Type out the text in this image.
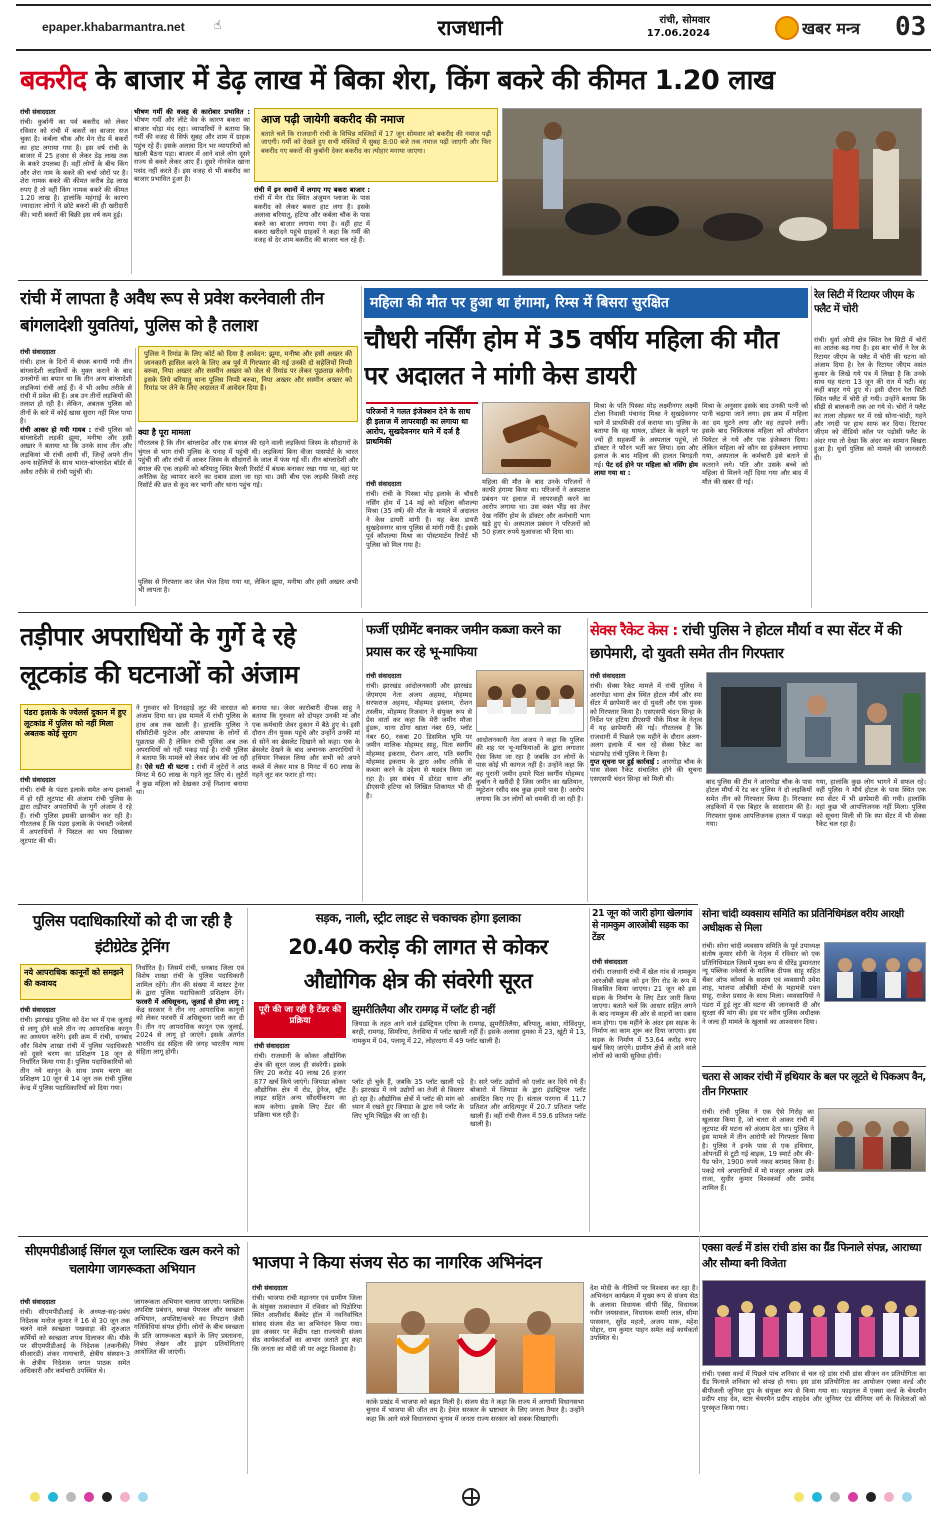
epaper.khabarmantra.net	☝	राजधानी	रांची, सोमवार
17.06.2024	खबर मन्त्र	03
बकरीद के बाजार में डेढ़ लाख में बिका शेरा, किंग बकरे की कीमत 1.20 लाख
रांची संवाददाता
रांची। कुर्बानी का पर्व बकरीद को लेकर रविवार को रांची में बकरों का बाजार सज चुका है। कर्बला चौक और मेन रोड में बकरों का हाट लगाया गया है। इस वर्ष रांची के बाजार में 25 हजार से लेकर डेढ़ लाख तक के बकरे उपलब्ध हैं। वहीं लोगों के बीच किंग और शेरा नाम के बकरे की चर्चा जोरों पर है। शेरा नामक बकरे की कीमत करीब डेढ़ लाख रुपए है तो वहीं किंग नामक बकरे की कीमत 1.20 लाख है। हालांकि महंगाई के कारण ज्यादातर लोगों ने छोटे बकरों की ही खरीदारी की। भारी बकरों की बिक्री इस वर्ष कम हुई।
भीषण गर्मी की वजह से कारोबार प्रभावित : भीषण गर्मी और लीटे वेव के कारण बकरा का बाजार थोड़ा मंद रहा। व्यापारियों ने बताया कि गर्मी की वजह से सिर्फ सुबह और शाम में ग्राहक पहुंच रहे हैं। इसके अलावा दिन भर व्यापारियों को खाली बैठना पड़ा। बाजार में आने वाले लोग दूसरे राज्य से बकरे लेकर आए हैं। दूसरे नोनवेज खाना पसंद नहीं करते हैं। इस वजह से भी बकरीद का बाजार प्रभावित हुआ है।
आज पढ़ी जायेगी बकरीद की नमाज
बताते चलें कि राजधानी रांची के विभिन्न मस्जिदों में 17 जून सोमवार को बकरीद की नमाज पढ़ी जाएगी। गर्मी को देखते हुए सभी मस्जिदों में सुबह 8:00 बजे तक नमाज पढ़ी जाएगी और फिर बकरीद गए बकरों की कुर्बानी देकर बकरीद का त्योहार मनाया जाएगा।
रांची में इन स्थानों में लगाए गए बकरा बाजार : रांची में मेन रोड स्थित अंजुमन प्लाजा के पास बकरीद को लेकर बकरा हाट लगा है। इसके अलावा बरियातू, हटिया और कर्बला चौक के पास बकरे का बाजार लगाया गया है। वहीं हाट में बकरा खरीदने पहुंचे ग्राहकों ने कहा कि गर्मी की वजह से देर शाम बकरीद की बाजार चल रहे हैं।
रांची में लापता है अवैध रूप से प्रवेश करनेवाली तीन बांगलादेशी युवतियां, पुलिस को है तलाश
रांची संवाददाता
रांची। हाल के दिनों में बंधक बनायी गयी तीन बांग्लादेशी लड़कियों के मुक्त कराने के बाद उनलोगों का बयान था कि तीन अन्य बांग्लादेशी लड़कियां रांची आई हैं। वे भी अवैध तरीके से रांची में प्रवेश की हैं। अब उन तीनों लड़कियों की तलाश हो रही है। लेकिन, अबतक पुलिस को तीनों के बारे में कोई खास सुराग नहीं मिल पाया है।
रांची आकर हो गयी गायब : रांची पुलिस को बांग्लादेशी लड़की झूमा, मनीषा और हसी अख्तर ने बताया था कि उनके साथ तीन और लड़कियां भी रांची आयी थीं, जिन्हें अपने तीन अन्य सहेलियों के साथ भारत-बांग्लादेश बॉर्डर से अवैध तरीके से रांची पहुंची थी।
पुलिस ने रिमांड के लिए कोर्ट को दिया है आवेदन: झूमा, मनीषा और हसी अख्तर की जानकारी हासिल करने के लिए अब पूर्व में गिरफ्तार की गई उनकी दो सहेलियों निप्पी बरुवा, निपा अख्तर और सस्मीन अख्तर को जेल से रिमांड पर लेकर पूछताछ करेगी। इसके लिये बरियातु थाना पुलिस निप्पी बरुवा, निपा अख्तर और सस्मीन अख्तर को रिमांड पर लेने के लिए अदालत में आवेदन दिया है।
क्या है पूरा मामला
गौरतलब है कि तीन बांग्लादेश और एक बंगाल की रहने वाली लड़कियां जिस्म के सौदागरों के चुंगल से भाग रांची पुलिस के पनाह में पहुंची थी। लड़कियां बिना वीजा पासपोर्ट के भारत पहुंची थी और रांची में आकर जिस्म के सौदागरों के जाल में फंस गई थीं। तीन बांग्लादेशी और बंगाल की एक लड़की को बरियातु स्थित बैरली रिसॉर्ट में बंधक बनाकर रखा गया था, वहां पर अनैतिक देह व्यापार करने का दबाव डाला जा रहा था। उसी बीच एक लड़की किसी तरह रिसॉर्ट की छत से कूद कर भागी और थाना पहुंच गई।
पुलिस से गिरफ्तार कर जेल भेज दिया गया था, लेकिन झूमा, मनीषा और हसी अख्तर अभी भी लापता है।
महिला की मौत पर हुआ था हंगामा, रिम्स में बिसरा सुरक्षित
चौधरी नर्सिंग होम में 35 वर्षीय महिला की मौत पर अदालत ने मांगी केस डायरी
परिजनों ने गलत इंजेक्शन देने के साथ ही इलाज में लापरवाही का लगाया था आरोप, सुखदेवनगर थाने में दर्ज है प्राथमिकी
रांची संवाददाता
रांची। रांची के पिस्का मोड़ इलाके के चौधरी नर्सिंग होम में 14 मई को महिला कौशल्या मिश्रा (35 वर्ष) की मौत के मामले में अदालत ने केस डायरी मांगी है। यह केस डायरी सुखदेवनगर थाना पुलिस से मांगी गयी है। इसके पूर्व कौशल्या मिश्रा का पोस्टमार्टम रिपोर्ट भी पुलिस को मिल गया है।
महिला की मौत के बाद उनके परिजनों ने काफी हंगामा किया था। परिजनों ने अस्पताल प्रबंधन पर इलाज में लापरवाही करने का आरोप लगाया था। उस वक्त भीड़ का तेवर देख नर्सिंग होम के डॉक्टर और कर्मचारी भाग खड़े हुए थे। अस्पताल प्रबंधन ने परिजनों को 50 हजार रुपये मुआवजा भी दिया था।
मिश्रा के पति पिस्का मोड़ लक्ष्मीनगर लक्ष्मी टोला निवासी पंचानंद मिश्रा ने सुखदेवनगर थाने में प्राथमिकी दर्ज कराया था। पुलिस के बताया कि वह घायल, डॉक्टर के कहने पर ज्यों ही सहकर्मी के अस्पताल पहुंचे, तो डॉक्टर ने फौरन भर्ती कर लिया। दवा और इलाज के बाद महिला की हालत बिगड़ती गई। पेट दर्द होने पर महिला को नर्सिंग होम लाया गया था :
मिश्रा के अनुसार इसके बाद उनकी पत्नी को पानी चढ़ाया जाने लगा। इस क्रम में महिला का दम घुटने लगा और वह तड़पने लगी। इसके बाद चिकित्सक महिला को ऑपरेशन थियेटर ले गये और एक इंजेक्शन दिया। लेकिन महिला को कौन सा इंजेक्शन लगाया गया, अस्पताल के कर्मचारी इसे बताने से कतराने लगे। पति और उसके बच्चे को महिला से मिलने नहीं दिया गया और बाद में मौत की खबर दी गई।
रेल सिटी में रिटायर जीएम के फ्लैट में चोरी
रांची। धुर्वा ओपी क्षेत्र स्थित रेल सिटी में चोरों का आतंक बढ़ गया है। इस बार चोरों ने रेल के रिटायर जीएम के फ्लैट में चोरी की घटना को अंजाम दिया है। रेल के रिटायर जीएम वसंत कुमार के लिखे गये पत्र में लिखा है कि उनके साथ यह घटना 13 जून की रात में घटी। वह कहीं बाहर गये हुए थे। इसी दौरान रेल सिटी स्थित फ्लैट में चोरी हो गयी। उन्होंने बताया कि सीढ़ी से बालकनी तक आ गये थे। चोरों ने फ्लैट का ताला तोड़कर घर में रखे सोना-चांदी, गहने और नगदी पर हाथ साफ कर दिया। रिटायर जीएम को वीडियो कॉल पर पड़ोसी फ्लैट के अंदर गया तो देखा कि अंदर का सामान बिखरा हुआ है। धुर्वा पुलिस को मामले की जानकारी दी।
तड़ीपार अपराधियों के गुर्गे दे रहे लूटकांड की घटनाओं को अंजाम
पंडरा इलाके के ज्वेलर्स दुकान में हुए लूटकांड में पुलिस को नहीं मिला अबतक कोई सुराग
रांची संवाददाता
रांची। रांची के पंडरा इलाके समेत अन्य इलाकों में हो रही लूटपाट की अंजाम रांची पुलिस के द्वारा तड़ीपार अपराधियों के गुर्गे अंजाम दे रहे हैं। रांची पुलिस इसकी छानबीन कर रही है। गौरतलब है कि पंडरा इलाके के पंचवटी ज्वेलर्स में अपराधियों ने पिस्टल का भय दिखाकर लूटपाट की थी।
ने गुरुवार को दिनदहाड़े लूट की वारदात को अंजाम दिया था। इस मामले में रांची पुलिस के हाथ अब तक खाली है। हालांकि पुलिस ने सीसीटीवी फुटेज और आसपास के लोगों से पूछताछ की है लेकिन रांची पुलिस अब तक अपराधियों को नहीं पकड़ पाई है। रांची पुलिस ने बताया कि मामले को लेकर जांच की जा रही है। ऐसे घटी थी घटना : रांची में लुटेरों ने आठ मिनट में 60 लाख के गहने लूट लिए थे। लुटेरों ने कुछ महिला को देखकर उन्हें निशाना बनाया था।
बनाया था। जेवर कारोबारी दीपक साहू ने बताया कि गुरुवार को दोपहर उनकी मां और एक कर्मचारी जेवर दुकान में बैठे हुए थे। इसी दौरान तीन युवक पहुंचे और उन्होंने उनकी मां से सोने का ब्रेसलेट दिखाने को कहा। एक के ब्रेसलेट देखने के बाद अचानक अपराधियों ने हथियार निकाल लिया और सभी को अपने कब्जे में लेकर मात्र 8 मिनट में 60 लाख के गहने लूट कर फरार हो गए।
फर्जी एग्रीमेंट बनाकर जमीन कब्जा करने का प्रयास कर रहे भू-माफिया
रांची संवाददाता
रांची। झारखंड आंदोलनकारी और झारखंड जेएमएम नेता अजय अहमद, मोहम्मद सरफराज अहमद, मोहम्मद इस्लाम, रोशन तस्लीम, मोहम्मद रिजवान ने संयुक्त रूप से प्रेस वार्ता कर कहा कि मेरी जमीन मौजा हुंडरू, थाना ठोंगा खाता नंबर 69, प्लॉट नंबर 60, रकबा 20 डिसमिल भूमि पर जमीन मालिक मोहम्मद साहू, पिता स्वर्गीय मोहम्मद इकराम, रोशन आरा, पति स्वर्गीय मोहम्मद इकराम के द्वारा अवैध तरीके से कब्जा करने के उद्देश्य से षड्यंत्र किया जा रहा है। इस संबंध में डोरंडा थाना और डीएसपी हटिया को लिखित शिकायत भी दी है।
आदोलनकारी नेता अजय ने कहा कि पुलिस की शह पर भू-माफियाओं के द्वारा लगातार ऐसा किया जा रहा है जबकि उन लोगों के पास कोई भी कागज नहीं है। उन्होंने कहा कि वह पुरानी जमीन हमारे पिता स्वर्गीय मोहम्मद कुर्बान ने खरीदी है जिस जमीन का खतियान, म्यूटेशन रसीद सब कुछ हमारे पास है। आरोप लगाया कि उन लोगों को धमकी दी जा रही है।
सेक्स रैकेट केस : रांची पुलिस ने होटल मौर्या व स्पा सेंटर में की छापेमारी, दो युवती समेत तीन गिरफ्तार
रांची संवाददाता
रांची। सेक्स रैकेट मामले में रांची पुलिस ने आरगोड़ा थाना क्षेत्र स्थित होटल मौर्य और स्पा सेंटर में छापेमारी कर दो युवती और एक युवक को गिरफ्तार किया है। एसएसपी चंदन सिन्हा के निर्देश पर हटिया डीएसपी पीके मिश्रा के नेतृत्व में यह छापेमारी की गई। गौरतलब है कि राजधानी में पिछले एक महीने के दौरान अलग-अलग इलाके में चल रहे सेक्स रैकेट का भंडाफोड़ रांची पुलिस ने किया है।
गुप्त सूचना पर हुई कार्रवाई : आरगोड़ा चौक के पास सेक्स रैकेट संचालित होने की सूचना एसएसपी चंदन सिन्हा को मिली थी।	बाद पुलिस की टीम ने आरगोड़ा चौक के पास होटल मौर्या में रेड कर पुलिस ने दो लड़कियों समेत तीन को गिरफ्तार किया है। गिरफ्तार लड़कियों में एक बिहार के सासाराम की है। गिरफ्तार युवक आपत्तिजनक हालत में पकड़ा गया।
गया, हालांकि कुछ लोग भागने में सफल रहे। वहीं पुलिस ने मौर्य होटल के पास स्थित एक स्पा सेंटर में भी छापेमारी की गयी। हालांकि वहां कुछ भी आपत्तिजनक नहीं मिला। पुलिस को सूचना मिली थी कि स्पा सेंटर में भी सेक्स रैकेट चल रहा है।
पुलिस पदाधिकारियों को दी जा रही है इंटीग्रेटेड ट्रेनिंग
नये आपराधिक कानूनों को समझने की कवायद
रांची संवाददाता
रांची। झारखंड पुलिस को देश भर में एक जुलाई से लागू होने वाले तीन नए आपराधिक कानून का अध्ययन करेंगे। इसी क्रम में रांची, धनबाद और विशेष शाखा रांची में पुलिस पदाधिकारी को दूसरे चरण का प्रशिक्षण 18 जून से निर्धारित किया गया है। पुलिस पदाधिकारियों को तीन नये कानून के साथ प्रथम चरण का प्रशिक्षण 10 जून से 14 जून तक रांची पुलिस केन्द्र में पुलिस पदाधिकारियों को दिया गया।
निर्धारित है। जिसमें रांची, धनबाद जिला एवं विशेष शाखा रांची के पुलिस पदाधिकारी शामिल रहेंगे। तीन की संख्या में मास्टर ट्रेनर के द्वारा पुलिस पदाधिकारी प्रशिक्षण देंगे। फरवरी में अधिसूचना, जुलाई से होगा लागू : केंद्र सरकार ने तीन नए आपराधिक कानूनों को लेकर फरवरी में अधिसूचना जारी कर दी है। तीन नए आपराधिक कानून एक जुलाई, 2024 से लागू हो जाएंगे। इसके अंतर्गत भारतीय दंड संहिता की जगह भारतीय न्याय संहिता लागू होगी।
सड़क, नाली, स्ट्रीट लाइट से चकाचक होगा इलाका
20.40 करोड़ की लागत से कोकर औद्योगिक क्षेत्र की संवरेगी सूरत
पूरी की जा रही है टेंडर की प्रक्रिया
झुमरीतिलैया और रामगढ़ में प्लॉट ही नहीं
जियाडा के तहत आने वाले इंडस्ट्रियल एरिया के रामगढ़, झुमरीतिलैया, बरियातु, कांसा, गोविंदपुर, बरही, रामगढ़, सिमरिया, तेनसिया में प्लॉट खाली नहीं हैं। इसके अलावा दुमका में 23, खूंटी में 13, नामकुम में 04, पलामू में 22, लोहरदगा में 49 प्लॉट खाली हैं।
रांची संवाददाता
रांची। राजधानी के कोकर औद्योगिक क्षेत्र की सूरत जल्द ही संवरेगी। इसके लिए 20 करोड़ 40 लाख 26 हजार 877 खर्च किये जाएंगे। जियाडा कोकर औद्योगिक क्षेत्र में रोड, ड्रेनेज, स्ट्रीट लाइट सहित अन्य सौंदर्यीकरण का काम करेगा। इसके लिए टेंडर की प्रक्रिया चल रही है।
प्लॉट हो चुके हैं, जबकि 35 प्लॉट खाली पड़े हैं। झारखंड में नये उद्योगों का तेजी से विस्तार हो रहा है। औद्योगिक क्षेत्रों में प्लॉट की मांग को ध्यान में रखते हुए जियाडा के द्वारा नये प्लॉट के लिए भूमि चिह्नित की जा रही है।
है। सारे प्लॉट उद्योगों को एलॉट कर दिये गये हैं। बोकारो में जियाडा के द्वारा इंडस्ट्रियल प्लॉट आवंटित किए गए हैं। संताल परगना में 11.7 प्रतिशत और आदित्यपुर में 20.7 प्रतिशत प्लॉट खाली हैं। वहीं रांची रीजन में 59.6 प्रतिशत प्लॉट खाली है।
21 जून को जारी होगा खेलगांव से नामकुम आरओबी सड़क का टेंडर
रांची संवाददाता
रांची। राजधानी रांची में खेल गांव से नामकुम आरओबी सड़क को इन रिंग रोड के रूप में विकसित किया जाएगा। 21 जून को इस सड़क के निर्माण के लिए टेंडर जारी किया जाएगा। बताते चलें कि आधार सहित लगने के बाद नामकुम की ओर से वाहनों का दबाव कम होगा। एक महीने के अंदर इस सड़क के निर्माण का काम शुरू कर दिया जाएगा। इस सड़क के निर्माण में 53.64 करोड़ रुपए खर्च किए जाएंगे। ग्रामीण क्षेत्रों से आने वाले लोगों को काफी सुविधा होगी।
सोना चांदी व्यवसाय समिति का प्रतिनिधिमंडल वरीय आरक्षी अधीक्षक से मिला
रांची। सोना चांदी व्यवसाय समिति के पूर्व उपाध्यक्ष संतोष कुमार सोनी के नेतृत्व में रविवार को एक प्रतिनिधिमंडल जिसमें मुख्य रूप से धीरेंद्र डुमानतार न्यू पब्लिक ज्वेलर्स के मालिक दीपक साहू सहित चैंबर ऑफ कॉमर्स के सदस्य एवं व्यवसायी उमेश शाह, भाजपा ओबीसी मोर्चा के महामंत्री पवन साहू, राजेश प्रसाद के साथ मिला। व्यवसायियों ने पंडरा में हुई लूट की घटना की जानकारी दी और सुरक्षा की मांग की। इस पर वरीय पुलिस अधीक्षक ने जल्द ही मामले के खुलासे का आश्वासन दिया।
चतरा से आकर रांची में हथियार के बल पर लूटते थे पिकअप वैन, तीन गिरफ्तार
रांची। रांची पुलिस ने एक ऐसे गिरोह का खुलासा किया है, जो चतरा से आकर रांची में लूटपाट की घटना को अंजाम देता था। पुलिस ने इस मामले में तीन आरोपी को गिरफ्तार किया है। पुलिस ने इनके पास से एक हथियार, ओपनर्डी से टूटी गई बाइक, 19 स्मार्ट और की-पैड फोन, 1900 रुपये नकद बरामद किया है। पकड़े गये अपराधियों में मो मजहर आलम उर्फ राजा, सुधीर कुमार विश्वकर्मा और प्रमोद शामिल हैं।
सीएमपीडीआई सिंगल यूज प्लास्टिक खत्म करने को चलायेगा जागरूकता अभियान
रांची संवाददाता
रांची। सीएमपीडीआई के अध्यक्ष-सह-प्रबंध निदेशक मनोज कुमार ने 16 से 30 जून तक चलने वाले स्वच्छता पखवाड़ा की शुरुआत कर्मियों को स्वच्छता शपथ दिलाकर की। मौके पर सीएमपीडीआई के निदेशक (तकनीकी/सीआरडी) शंकर नागाचारी, क्षेत्रीय संस्थान-3 के क्षेत्रीय निदेशक जगत पाठक समेत अधिकारी और कर्मचारी उपस्थित थे।
जागरूकता अभियान चलाया जाएगा। प्लास्टिक अपशिष्ट प्रबंधन, स्वच्छ पेयजल और स्वच्छता अभियान, अपशिष्ट/कचरे का निपटान जैसी गतिविधियां संपन्न होंगी। लोगों के बीच स्वच्छता के प्रति जागरूकता बढ़ाने के लिए प्रस्तावना, निबंध लेखन और ड्राइंग प्रतियोगिताएं आयोजित की जाएंगी।
भाजपा ने किया संजय सेठ का नागरिक अभिनंदन
रांची संवाददाता
रांची। भाजपा रांची महानगर एवं ग्रामीण जिला के संयुक्त तत्वावधान में रविवार को पिठोरिया स्थित आशीर्वाद बैंक्वेट हॉल में नवनिर्वाचित सांसद संजय सेठ का अभिनंदन किया गया। इस अवसर पर केंद्रीय रक्षा राज्यमंत्री संजय सेठ कार्यकर्ताओं का आभार जताते हुए कहा कि जनता का मोदी जी पर अटूट विश्वास है।
कांके प्रखंड में भाजपा को बढ़त मिली है। संजय सेठ ने कहा कि राज्य में आगामी विधानसभा चुनाव में भाजपा की जीत तय है। हेमंत सरकार के भ्रष्टाचार के लिए जनता तैयार है। उन्होंने कहा कि आने वाले विधानसभा चुनाव में जनता राज्य सरकार को सबक सिखाएगी।
देश मोदी के नीतियों पर विश्वास कर रहा है। अभिनंदन कार्यक्रम में मुख्य रूप से संजय सेठ के अलावा विधायक सीपी सिंह, विधायक नवीन जयसवाल, विधायक समरी लाल, सीमा पासवान, सुरेंद्र महतो, अजय मारू, महेश पोद्दार, राम कुमार पाहन समेत कई कार्यकर्ता उपस्थित थे।
एक्सा वर्ल्ड में डांस रांची डांस का ग्रैंड फिनाले संपन्न, आराध्या और सौम्या बनी विजेता
रांची। एक्सा वर्ल्ड में पिछले पांच शनिवार से चल रहे डांस रांची डांस सीजन वन प्रतियोगिता का ग्रैंड फिनाले शनिवार को संपन्न हो गया। इस डांस प्रतियोगिता का आयोजन एक्सा वर्ल्ड और बीपीजली जूनियर ग्रुप के संयुक्त रूप से किया गया था। फाइनल में एक्सा वर्ल्ड के चेयरमैन प्रदीप शाह देव, स्टार चेयरमैन प्रदीप शाहदेव और जूनियर एंड सीनियर वर्ग के विजेताओं को पुरस्कृत किया गया।
